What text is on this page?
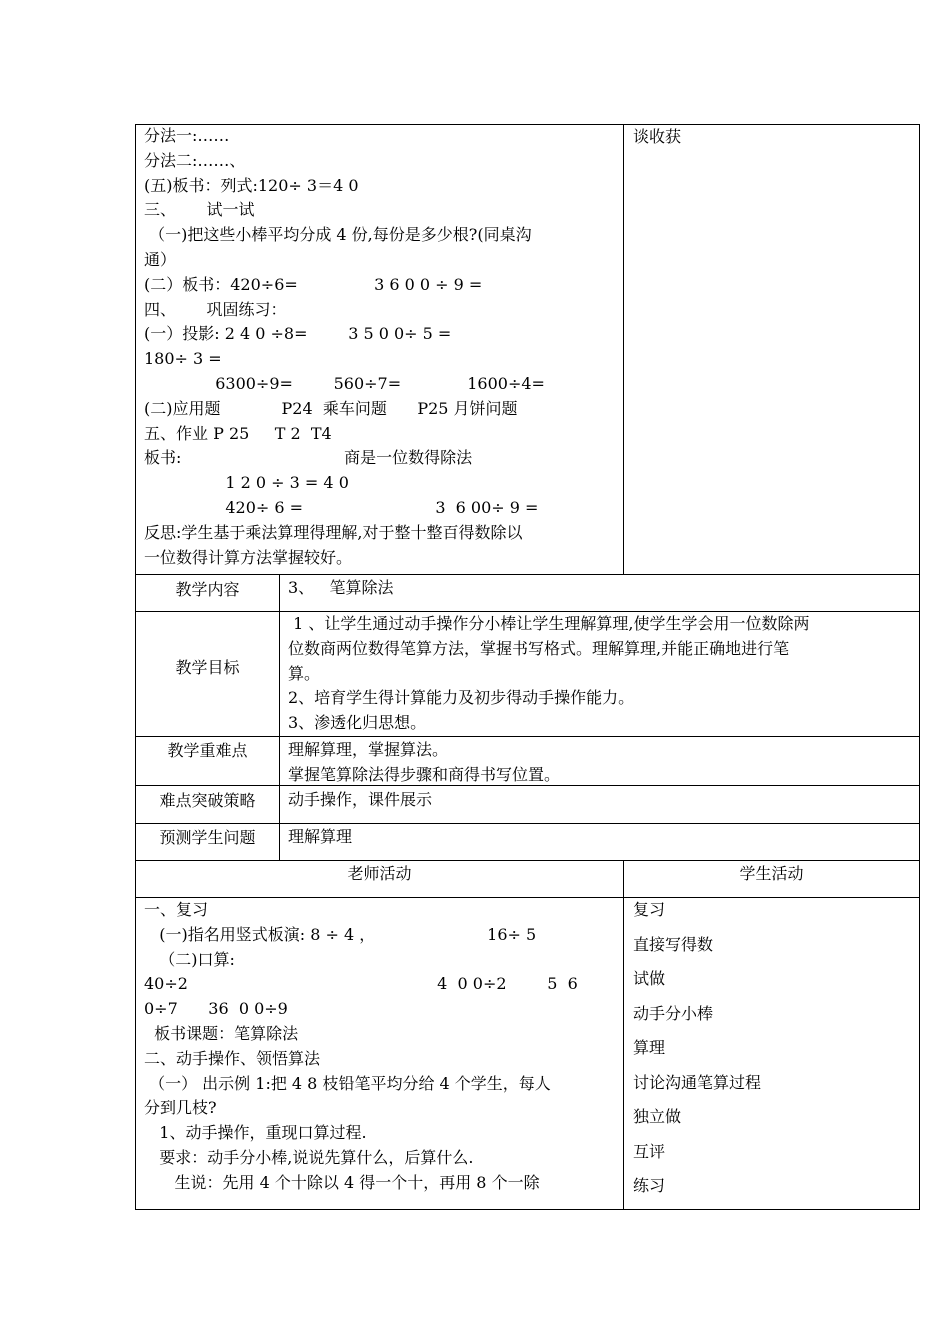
分法一:……
分法二:……、
(五)板书：列式:120÷ 3＝4 0
三、      试一试
（一)把这些小棒平均分成 4 份,每份是多少根?(同桌沟
通）
(二）板书：420÷6=               3 6 0 0 ÷ 9 =
四、      巩固练习：
(一）投影: 2 4 0 ÷8=        3 5 0 0÷ 5 =
180÷ 3 =
6300÷9=        560÷7=             1600÷4=
(二)应用题            P24  乘车问题      P25 月饼问题
五、作业 P 25     T 2  T4
板书:                                商是一位数得除法
1 2 0 ÷ 3 = 4 0
420÷ 6 =                          3  6 00÷ 9 =
反思:学生基于乘法算理得理解,对于整十整百得数除以
一位数得计算方法掌握较好。
谈收获
教学内容
教学目标
教学重难点
难点突破策略
预测学生问题
3、   笔算除法
1 、让学生通过动手操作分小棒让学生理解算理,使学生学会用一位数除两
位数商两位数得笔算方法，掌握书写格式。理解算理,并能正确地进行笔
算。
2、培育学生得计算能力及初步得动手操作能力。
3、渗透化归思想。
理解算理，掌握算法。
掌握笔算除法得步骤和商得书写位置。
动手操作，课件展示
理解算理
老师活动	学生活动
一、复习
(一)指名用竖式板演: 8 ÷ 4 ，                      16÷ 5
（二)口算:
40÷2                                                 4  0 0÷2        5  6
0÷7      36  0 0÷9
板书课题：笔算除法
二、动手操作、领悟算法
（一） 出示例 1:把 4 8 枝铅笔平均分给 4 个学生，每人
分到几枝?
1、动手操作，重现口算过程.
要求：动手分小棒,说说先算什么，后算什么.
生说：先用 4 个十除以 4 得一个十，再用 8 个一除
复习
直接写得数
试做
动手分小棒
算理
讨论沟通笔算过程
独立做
互评
练习
